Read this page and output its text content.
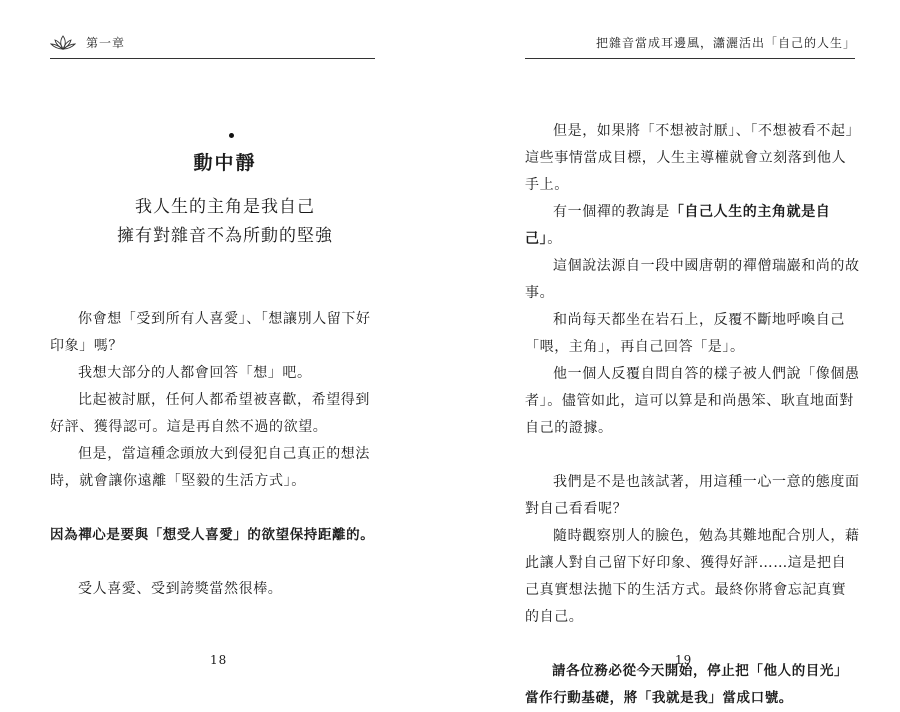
第一章
動中靜
我人生的主角是我自己
擁有對雜音不為所動的堅強

你會想「受到所有人喜愛」、「想讓別人留下好印象」嗎？

我想大部分的人都會回答「想」吧。

比起被討厭，任何人都希望被喜歡，希望得到好評、獲得認可。這是再自然不過的欲望。

但是，當這種念頭放大到侵犯自己真正的想法時，就會讓你遠離「堅毅的生活方式」。

因為禪心是要與「想受人喜愛」的欲望保持距離的。

受人喜愛、受到誇獎當然很棒。

18
把雜音當成耳邊風，瀟灑活出「自己的人生」

但是，如果將「不想被討厭」、「不想被看不起」這些事情當成目標，人生主導權就會立刻落到他人手上。

有一個禪的教誨是「自己人生的主角就是自己」。

這個說法源自一段中國唐朝的禪僧瑞巖和尚的故事。

和尚每天都坐在岩石上，反覆不斷地呼喚自己「喂，主角」，再自己回答「是」。

他一個人反覆自問自答的樣子被人們說「像個愚者」。儘管如此，這可以算是和尚愚笨、耿直地面對自己的證據。

我們是不是也該試著，用這種一心一意的態度面對自己看看呢？

隨時觀察別人的臉色，勉為其難地配合別人，藉此讓人對自己留下好印象、獲得好評……這是把自己真實想法拋下的生活方式。最終你將會忘記真實的自己。

請各位務必從今天開始，停止把「他人的目光」當作行動基礎，將「我就是我」當成口號。

19
